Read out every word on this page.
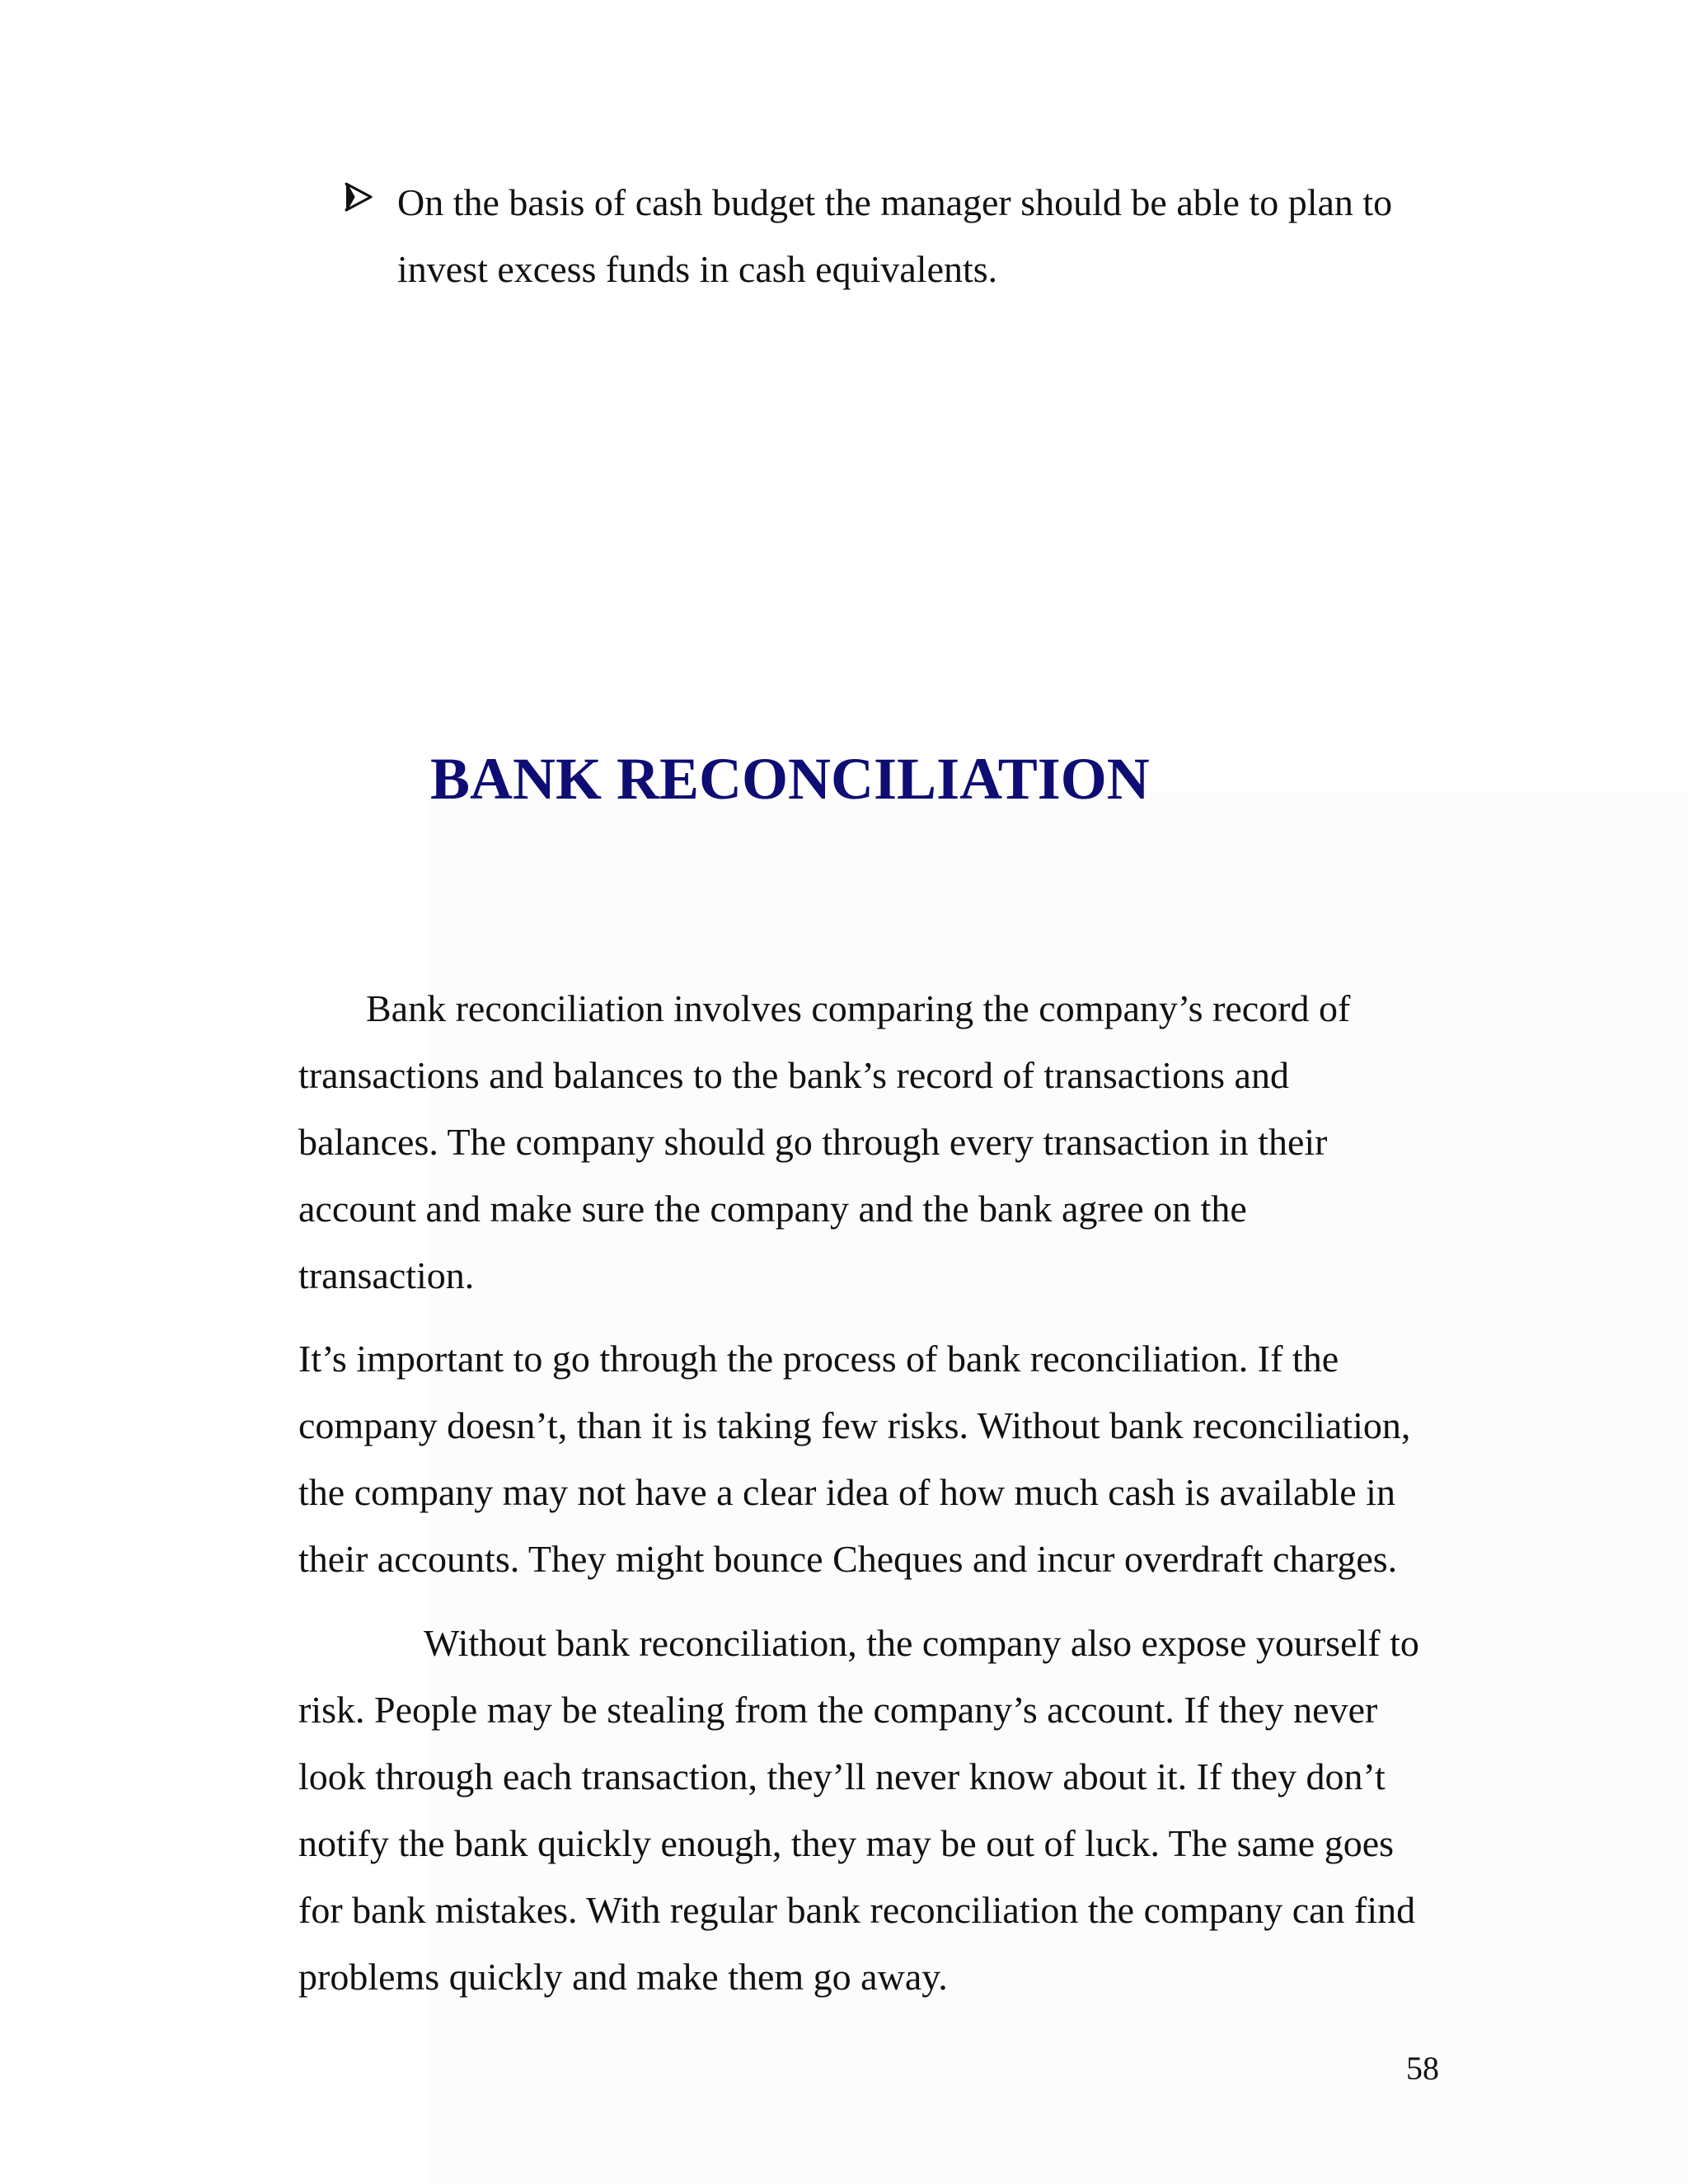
On the basis of cash budget the manager should be able to plan to
invest excess funds in cash equivalents.
BANK RECONCILIATION

Bank reconciliation involves comparing the company’s record of
transactions and balances to the bank’s record of transactions and
balances. The company should go through every transaction in their
account and make sure the company and the bank agree on the
transaction.

It’s important to go through the process of bank reconciliation. If the
company doesn’t, than it is taking few risks. Without bank reconciliation,
the company may not have a clear idea of how much cash is available in
their accounts. They might bounce Cheques and incur overdraft charges.

Without bank reconciliation, the company also expose yourself to
risk. People may be stealing from the company’s account. If they never
look through each transaction, they’ll never know about it. If they don’t
notify the bank quickly enough, they may be out of luck. The same goes
for bank mistakes. With regular bank reconciliation the company can find
problems quickly and make them go away.

58
